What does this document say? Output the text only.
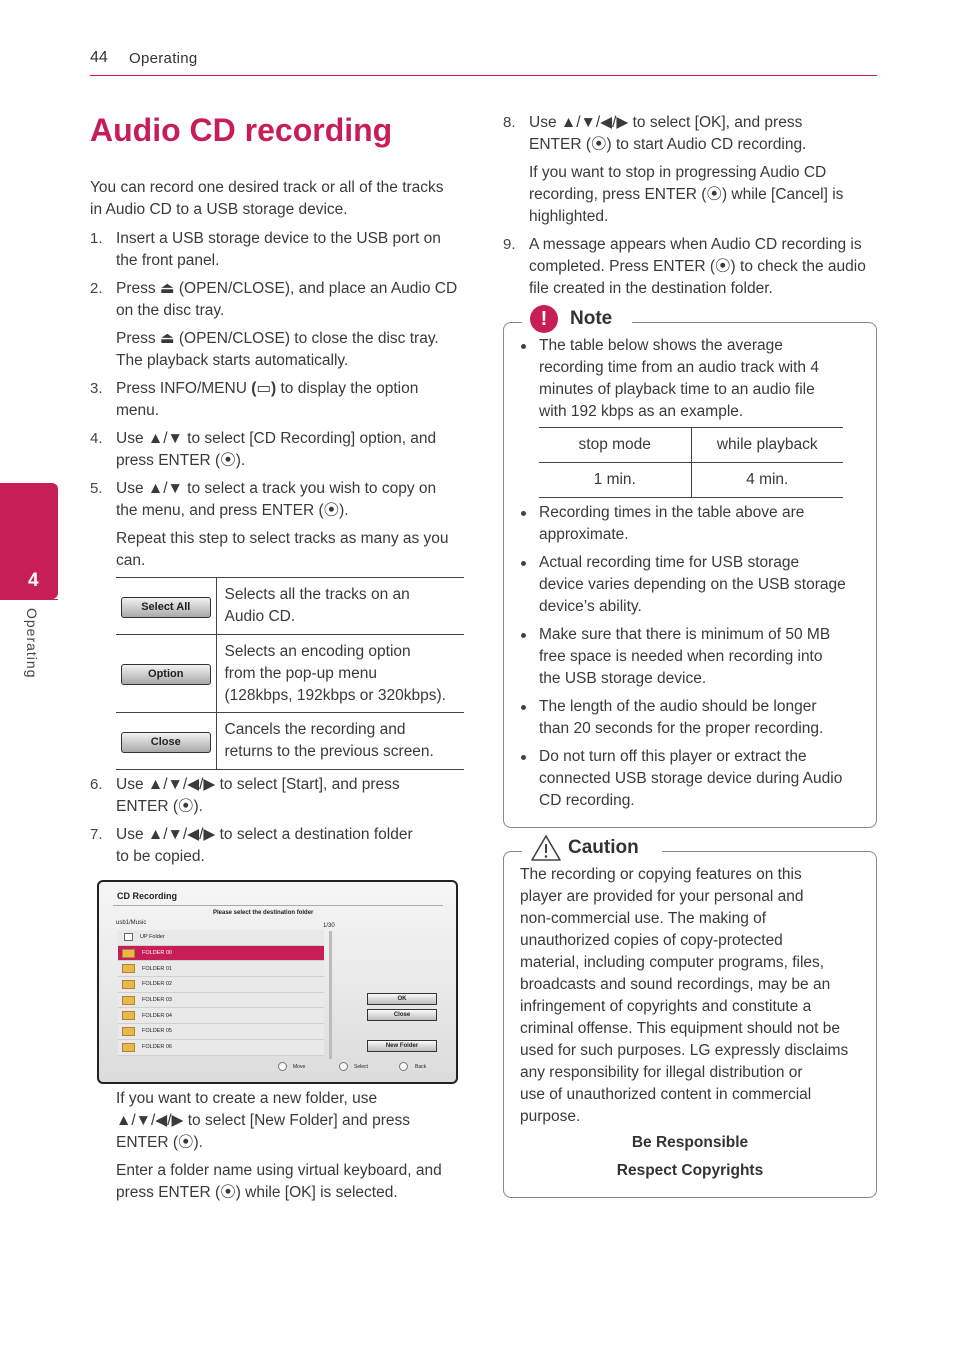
44 Operating
4
Operating
Audio CD recording
You can record one desired track or all of the tracks
in Audio CD to a USB storage device.
1. Insert a USB storage device to the USB port on
the front panel.
2. Press ⏏ (OPEN/CLOSE), and place an Audio CD
on the disc tray.
Press ⏏ (OPEN/CLOSE) to close the disc tray.
The playback starts automatically.
3. Press INFO/MENU (▭) to display the option
menu.
4. Use ▲/▼ to select [CD Recording] option, and
press ENTER (⦿).
5. Use ▲/▼ to select a track you wish to copy on
the menu, and press ENTER (⦿).
Repeat this step to select tracks as many as you
can.
Select All	Selects all the tracks on an
Audio CD.

Option	Selects an encoding option
from the pop-up menu
(128kbps, 192kbps or 320kbps).

Close	Cancels the recording and
returns to the previous screen.
6. Use ▲/▼/◀/▶ to select [Start], and press
ENTER (⦿).
7. Use ▲/▼/◀/▶ to select a destination folder
to be copied.
CD Recording
Please select the destination folder
usb1/Music	1/30
UP Folder
FOLDER 00
FOLDER 01
FOLDER 02
FOLDER 03
FOLDER 04
FOLDER 05
FOLDER 06
OK
Close
New Folder
Move	Select	Back
If you want to create a new folder, use
▲/▼/◀/▶ to select [New Folder] and press
ENTER (⦿).
Enter a folder name using virtual keyboard, and
press ENTER (⦿) while [OK] is selected.
8. Use ▲/▼/◀/▶ to select [OK], and press
ENTER (⦿) to start Audio CD recording.
If you want to stop in progressing Audio CD
recording, press ENTER (⦿) while [Cancel] is
highlighted.
9. A message appears when Audio CD recording is
completed. Press ENTER (⦿) to check the audio
file created in the destination folder.
!	Note
The table below shows the average
recording time from an audio track with 4
minutes of playback time to an audio file
with 192 kbps as an example.
stop mode	while playback
1 min.	4 min.
Recording times in the table above are
approximate.
Actual recording time for USB storage
device varies depending on the USB storage
device’s ability.
Make sure that there is minimum of 50 MB
free space is needed when recording into
the USB storage device.
The length of the audio should be longer
than 20 seconds for the proper recording.
Do not turn off this player or extract the
connected USB storage device during Audio
CD recording.
Caution
The recording or copying features on this
player are provided for your personal and
non-commercial use. The making of
unauthorized copies of copy-protected
material, including computer programs, files,
broadcasts and sound recordings, may be an
infringement of copyrights and constitute a
criminal offense. This equipment should not be
used for such purposes. LG expressly disclaims
any responsibility for illegal distribution or
use of unauthorized content in commercial
purpose.
Be Responsible
Respect Copyrights
